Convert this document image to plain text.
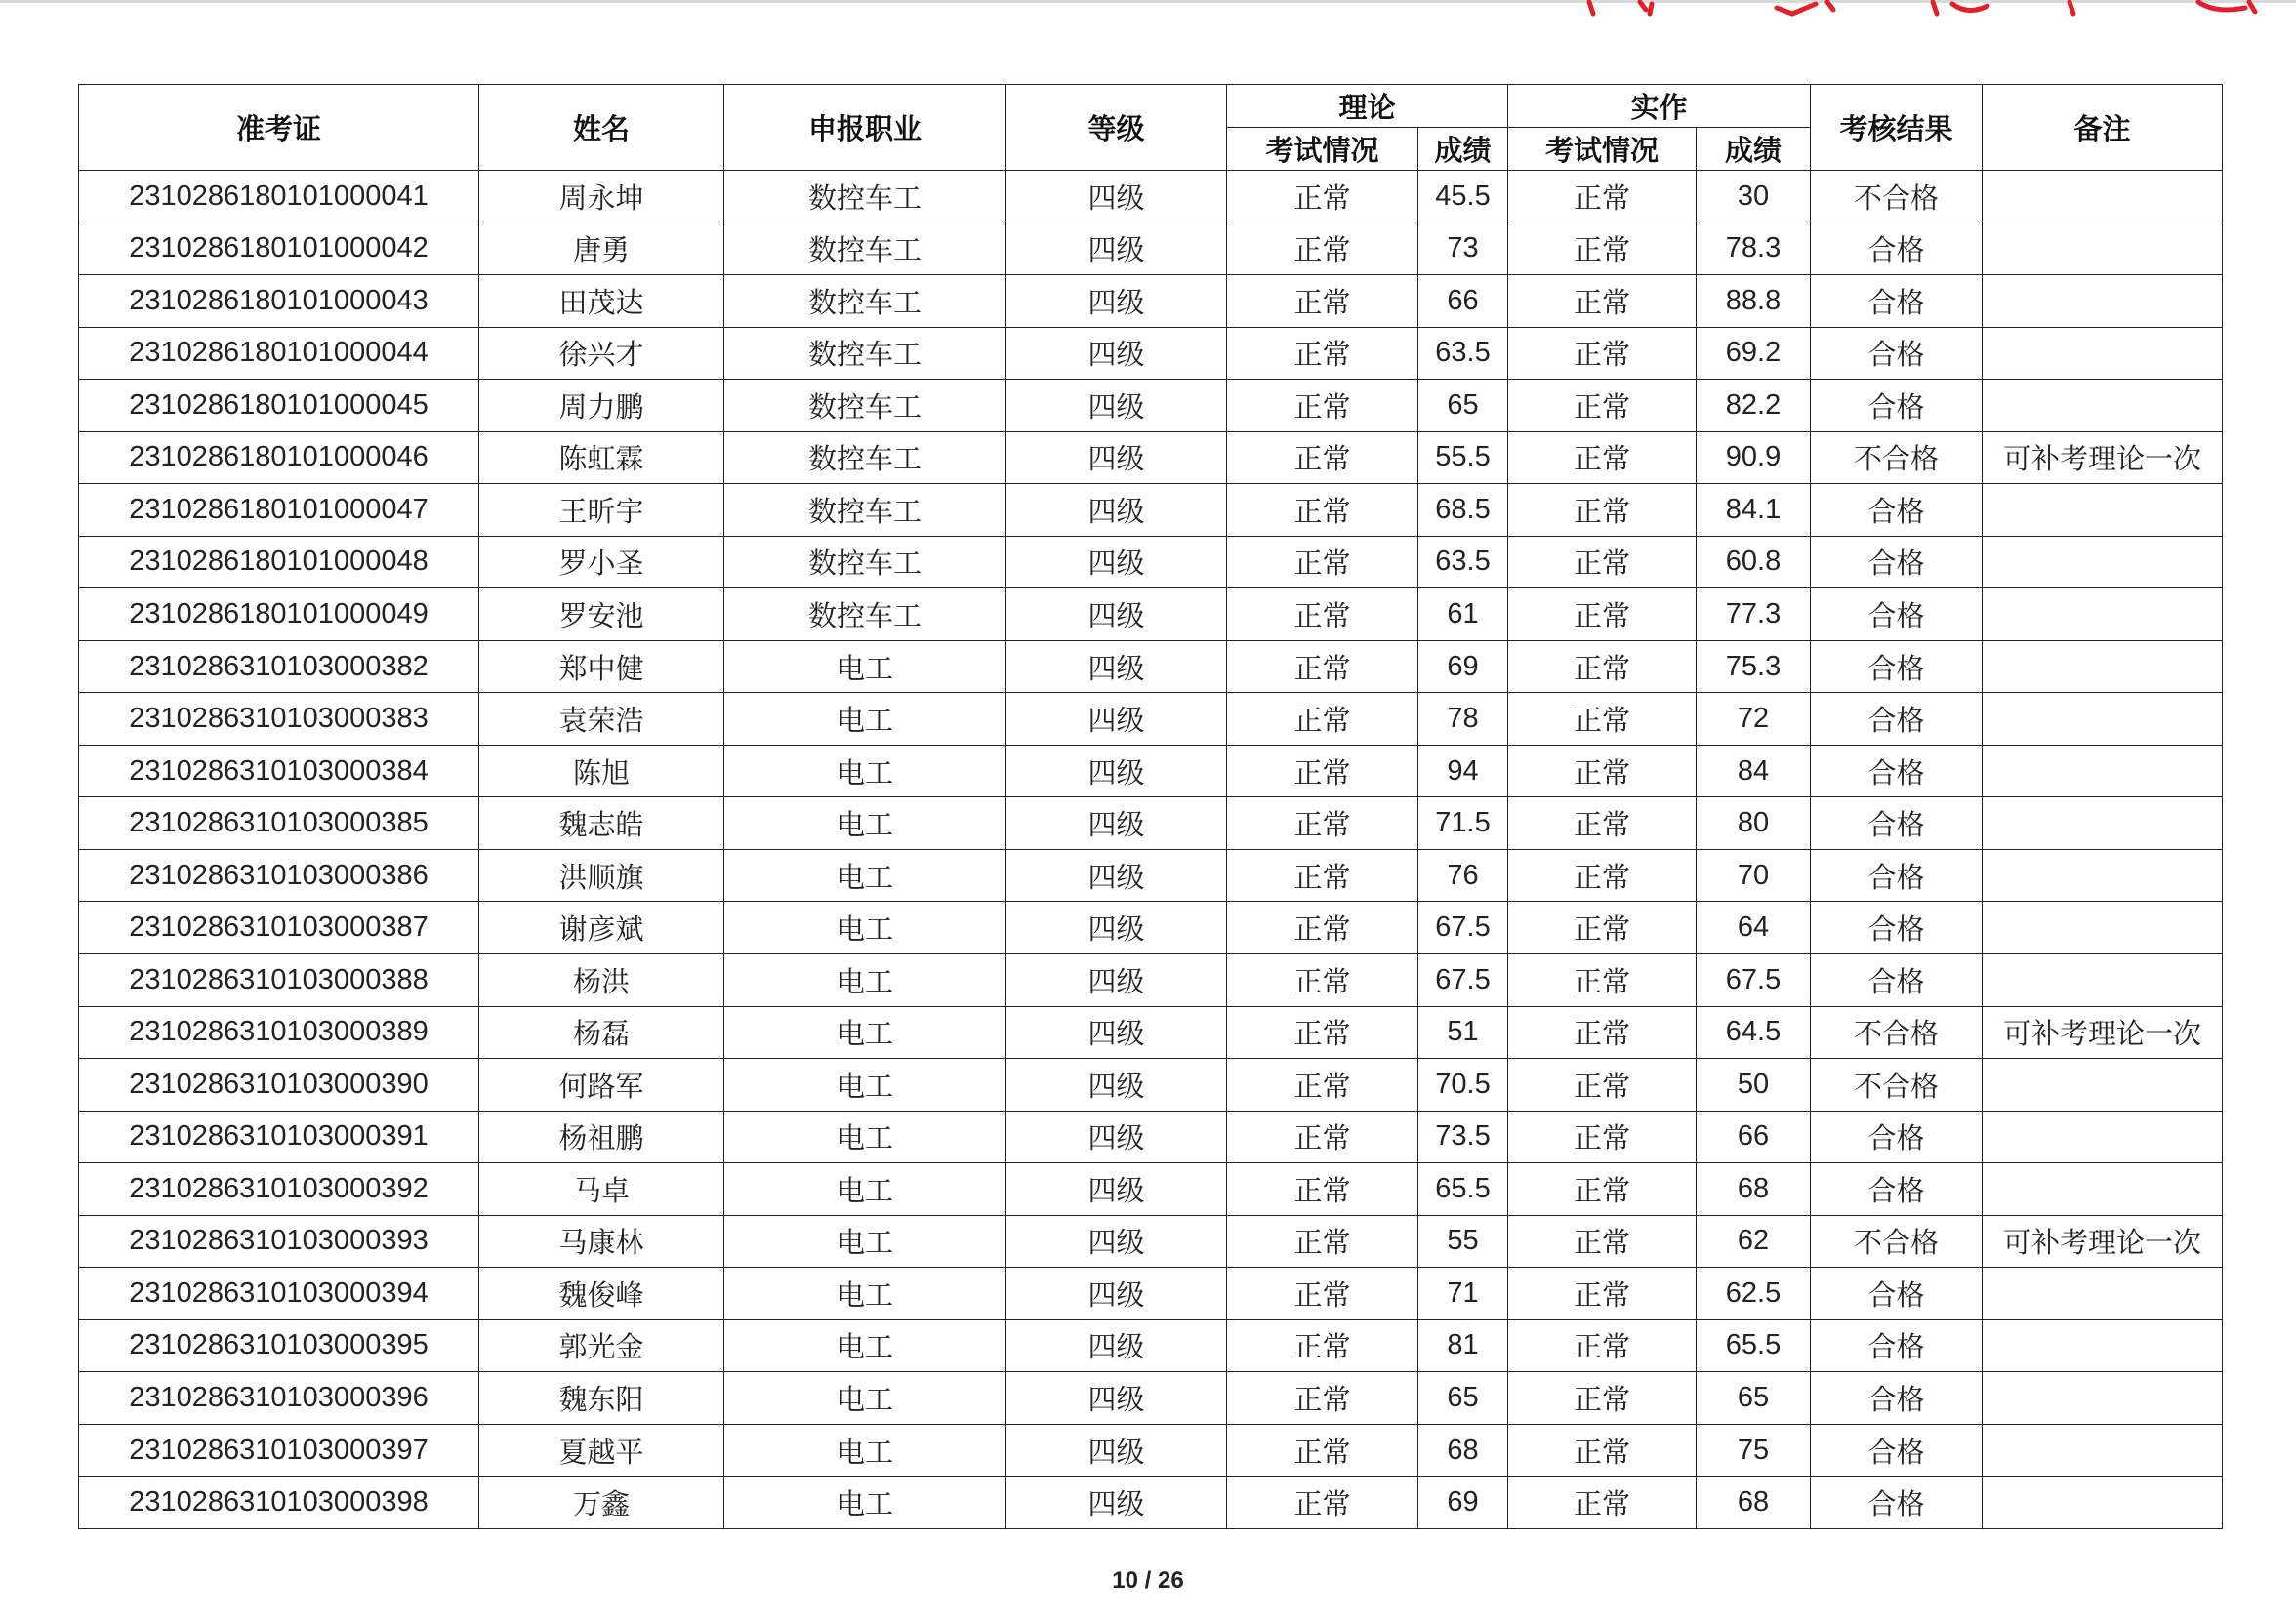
准考证	姓名	申报职业	等级	理论		实作		考核结果	备注
				考试情况	成绩	考试情况	成绩		
2310286180101000041	周永坤	数控车工	四级	正常	45.5	正常	30	不合格	
2310286180101000042	唐勇	数控车工	四级	正常	73	正常	78.3	合格	
2310286180101000043	田茂达	数控车工	四级	正常	66	正常	88.8	合格	
2310286180101000044	徐兴才	数控车工	四级	正常	63.5	正常	69.2	合格	
2310286180101000045	周力鹏	数控车工	四级	正常	65	正常	82.2	合格	
2310286180101000046	陈虹霖	数控车工	四级	正常	55.5	正常	90.9	不合格	可补考理论一次
2310286180101000047	王昕宇	数控车工	四级	正常	68.5	正常	84.1	合格	
2310286180101000048	罗小圣	数控车工	四级	正常	63.5	正常	60.8	合格	
2310286180101000049	罗安池	数控车工	四级	正常	61	正常	77.3	合格	
2310286310103000382	郑中健	电工	四级	正常	69	正常	75.3	合格	
2310286310103000383	袁荣浩	电工	四级	正常	78	正常	72	合格	
2310286310103000384	陈旭	电工	四级	正常	94	正常	84	合格	
2310286310103000385	魏志皓	电工	四级	正常	71.5	正常	80	合格	
2310286310103000386	洪顺旗	电工	四级	正常	76	正常	70	合格	
2310286310103000387	谢彦斌	电工	四级	正常	67.5	正常	64	合格	
2310286310103000388	杨洪	电工	四级	正常	67.5	正常	67.5	合格	
2310286310103000389	杨磊	电工	四级	正常	51	正常	64.5	不合格	可补考理论一次
2310286310103000390	何路军	电工	四级	正常	70.5	正常	50	不合格	
2310286310103000391	杨祖鹏	电工	四级	正常	73.5	正常	66	合格	
2310286310103000392	马卓	电工	四级	正常	65.5	正常	68	合格	
2310286310103000393	马康林	电工	四级	正常	55	正常	62	不合格	可补考理论一次
2310286310103000394	魏俊峰	电工	四级	正常	71	正常	62.5	合格	
2310286310103000395	郭光金	电工	四级	正常	81	正常	65.5	合格	
2310286310103000396	魏东阳	电工	四级	正常	65	正常	65	合格	
2310286310103000397	夏越平	电工	四级	正常	68	正常	75	合格	
2310286310103000398	万鑫	电工	四级	正常	69	正常	68	合格	
10 / 26
